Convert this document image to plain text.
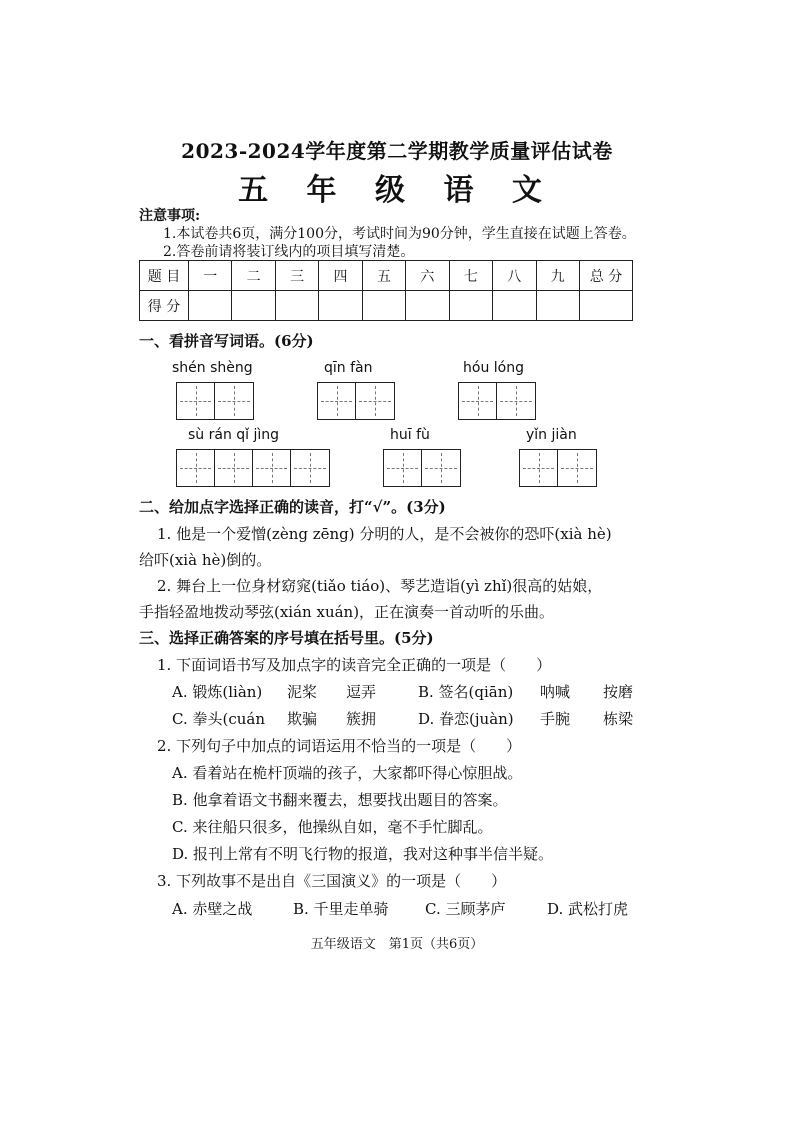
2023-2024学年度第二学期教学质量评估试卷
五 年 级 语 文
注意事项:
1.本试卷共6页，满分100分，考试时间为90分钟，学生直接在试题上答卷。
2.答卷前请将装订线内的项目填写清楚。
题 目	一	二	三	四	五	六	七	八	九	总 分
得 分										
一、看拼音写词语。(6分)
shén shèng	qīn fàn	hóu lóng
sù rán qǐ jìng	huī fù	yǐn jiàn
二、给加点字选择正确的读音，打“√”。(3分)
1. 他是一个爱憎(zèng zēng) 分明的人，是不会被你的恐吓(xià hè)
给吓(xià hè)倒的。
2. 舞台上一位身材窈窕(tiǎo tiáo)、琴艺造诣(yì zhǐ)很高的姑娘，
手指轻盈地拨动琴弦(xián xuán)，正在演奏一首动听的乐曲。
三、选择正确答案的序号填在括号里。(5分)
1. 下面词语书写及加点字的读音完全正确的一项是（　　）
A. 锻炼(liàn) 泥桨 逗弄	B. 签名(qiān) 呐喊 按磨
C. 拳头(cuán 欺骗 簇拥	D. 眷恋(juàn) 手腕 栋梁
2. 下列句子中加点的词语运用不恰当的一项是（　　）
A. 看着站在桅杆顶端的孩子，大家都吓得心惊胆战。
B. 他拿着语文书翻来覆去，想要找出题目的答案。
C. 来往船只很多，他操纵自如，毫不手忙脚乱。
D. 报刊上常有不明飞行物的报道，我对这种事半信半疑。
3. 下列故事不是出自《三国演义》的一项是（　　）
A. 赤壁之战	B. 千里走单骑 C. 三顾茅庐	D. 武松打虎
五年级语文　第1页（共6页）
